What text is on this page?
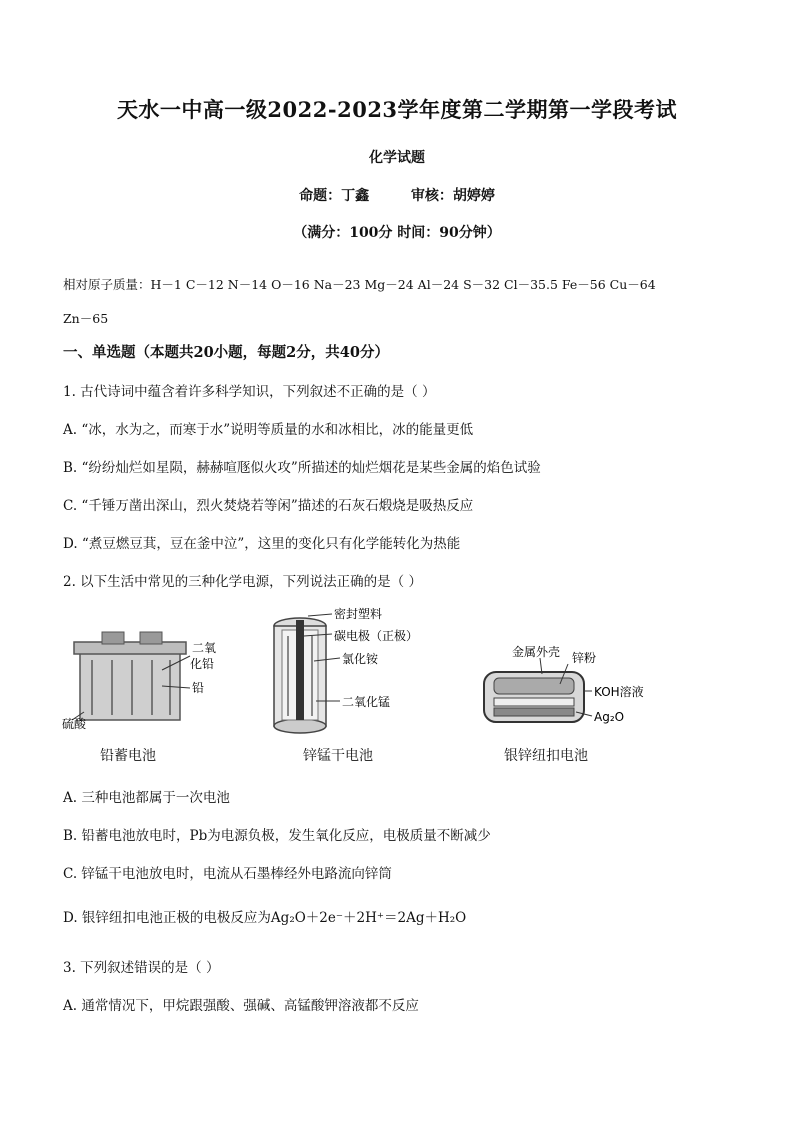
天水一中高一级2022-2023学年度第二学期第一学段考试
化学试题
命题：丁鑫	审核：胡婷婷
（满分：100分 时间：90分钟）
相对原子质量：H－1 C－12 N－14 O－16 Na－23 Mg－24 Al－24 S－32 Cl－35.5 Fe－56 Cu－64
Zn－65
一、单选题（本题共20小题，每题2分，共40分）
1. 古代诗词中蕴含着许多科学知识，下列叙述不正确的是（ ）
A. “冰，水为之，而寒于水”说明等质量的水和冰相比，冰的能量更低
B. “纷纷灿烂如星陨，赫赫喧豗似火攻”所描述的灿烂烟花是某些金属的焰色试验
C. “千锤万凿出深山，烈火焚烧若等闲”描述的石灰石煅烧是吸热反应
D. “煮豆燃豆萁，豆在釜中泣”，这里的变化只有化学能转化为热能
2. 以下生活中常见的三种化学电源，下列说法正确的是（ ）
二氧
化铅
铅
硫酸
铅蓄电池
密封塑料
碳电极（正极）
氯化铵
二氧化锰
锌锰干电池
金属外壳 锌粉
KOH溶液
Ag₂O
银锌纽扣电池
A. 三种电池都属于一次电池
B. 铅蓄电池放电时，Pb为电源负极，发生氧化反应，电极质量不断减少
C. 锌锰干电池放电时，电流从石墨棒经外电路流向锌筒
D. 银锌纽扣电池正极的电极反应为Ag₂O＋2e⁻＋2H⁺＝2Ag＋H₂O
3. 下列叙述错误的是（ ）
A. 通常情况下，甲烷跟强酸、强碱、高锰酸钾溶液都不反应
